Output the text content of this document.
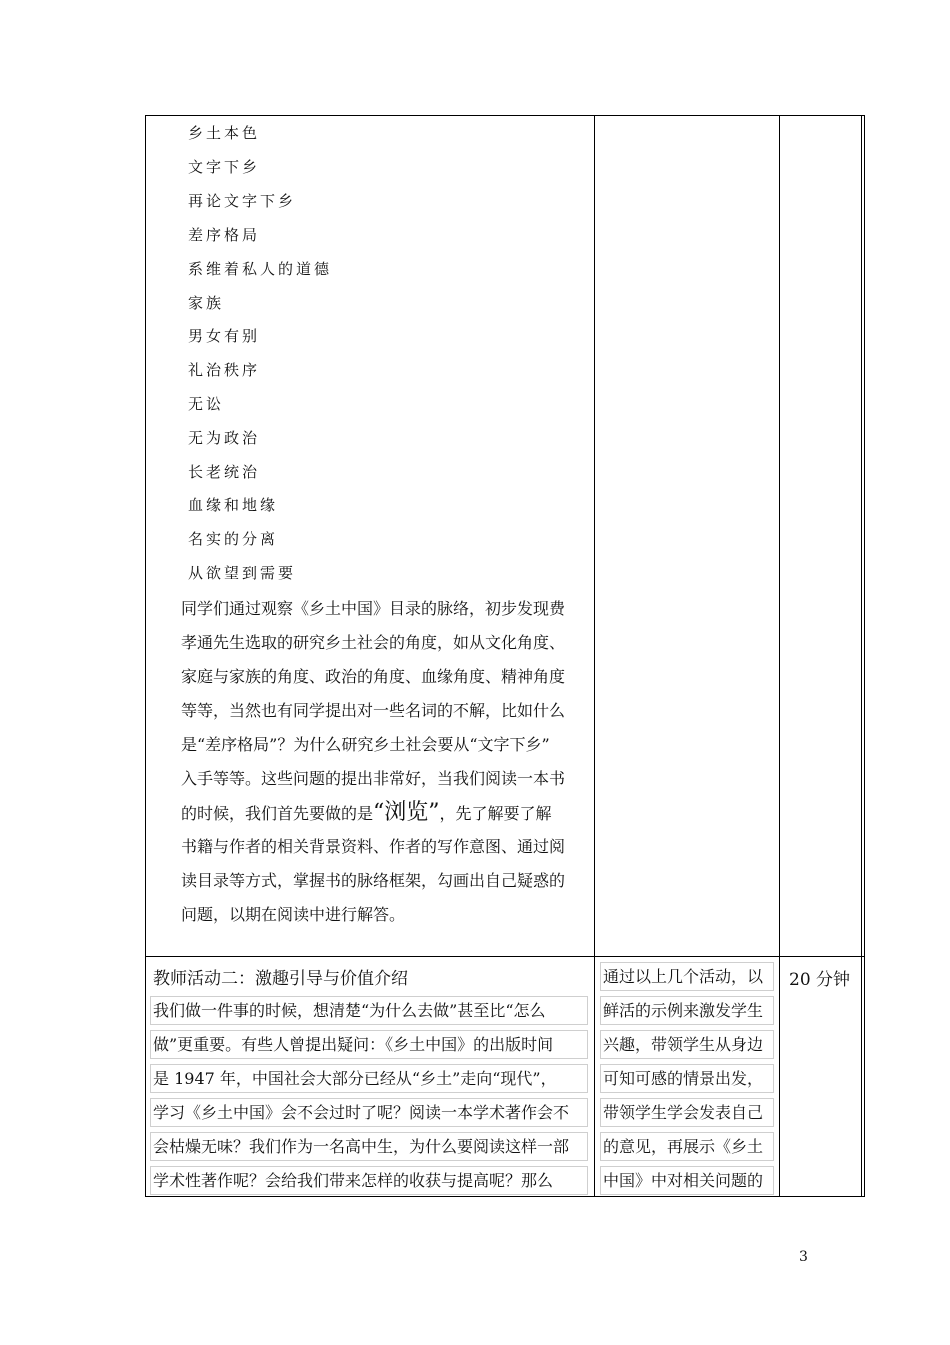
乡土本色
文字下乡
再论文字下乡
差序格局
系维着私人的道德
家族
男女有别
礼治秩序
无讼
无为政治
长老统治
血缘和地缘
名实的分离
从欲望到需要
同学们通过观察《乡土中国》目录的脉络，初步发现费
孝通先生选取的研究乡土社会的角度，如从文化角度、
家庭与家族的角度、政治的角度、血缘角度、精神角度
等等，当然也有同学提出对一些名词的不解，比如什么
是“差序格局”？为什么研究乡土社会要从“文字下乡”
入手等等。这些问题的提出非常好，当我们阅读一本书
的时候，我们首先要做的是“浏览”，先了解要了解
书籍与作者的相关背景资料、作者的写作意图、通过阅
读目录等方式，掌握书的脉络框架，勾画出自己疑惑的
问题，以期在阅读中进行解答。
教师活动二：激趣引导与价值介绍
我们做一件事的时候，想清楚“为什么去做”甚至比“怎么
做”更重要。有些人曾提出疑问：《乡土中国》的出版时间
是 1947 年，中国社会大部分已经从“乡土”走向“现代”，
学习《乡土中国》会不会过时了呢？阅读一本学术著作会不
会枯燥无味？我们作为一名高中生，为什么要阅读这样一部
学术性著作呢？会给我们带来怎样的收获与提高呢？那么
通过以上几个活动，以
鲜活的示例来激发学生
兴趣，带领学生从身边
可知可感的情景出发，
带领学生学会发表自己
的意见，再展示《乡土
中国》中对相关问题的
20 分钟
3
